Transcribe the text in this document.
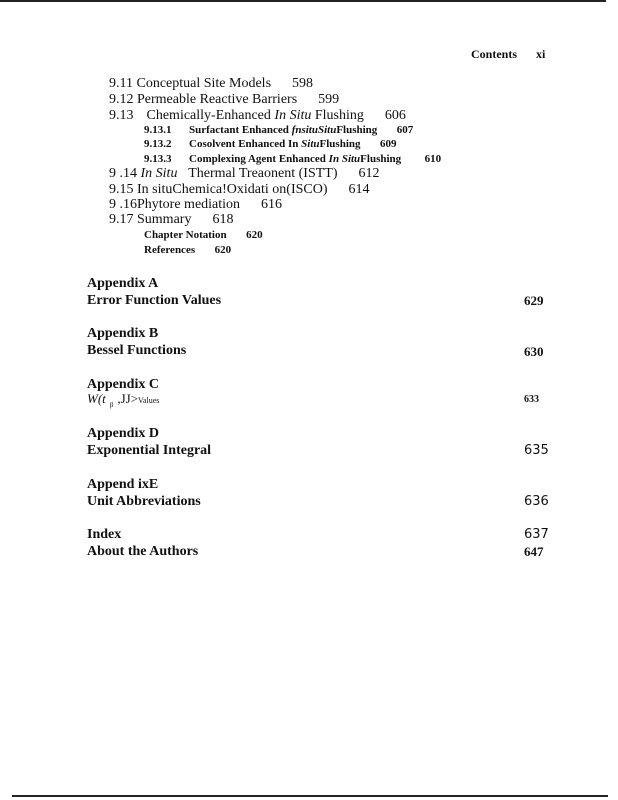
Contents xi
9.11 Conceptual Site Models 598
9.12 Permeable Reactive Barriers 599
9.13 Chemically-Enhanced In Situ Flushing 606
9.13.1 Surfactant Enhanced fnsituSituFlushing 607
9.13.2 Cosolvent Enhanced In SituFlushing 609
9.13.3 Complexing Agent Enhanced In SituFlushing 610
9 .14 In Situ Thermal Treaonent (ISTT) 612
9.15 In situChemica!Oxidati on(ISCO) 614
9 .16Phytore mediation 616
9.17 Summary 618
Chapter Notation 620
References 620
Appendix A
Error Function Values	629
Appendix B
Bessel Functions	630
Appendix C
W(t $_\beta$ ,JJ>Values	633
Appendix D
Exponential Integral	635
Append ixE
Unit Abbreviations	636
Index	637
About the Authors	647
